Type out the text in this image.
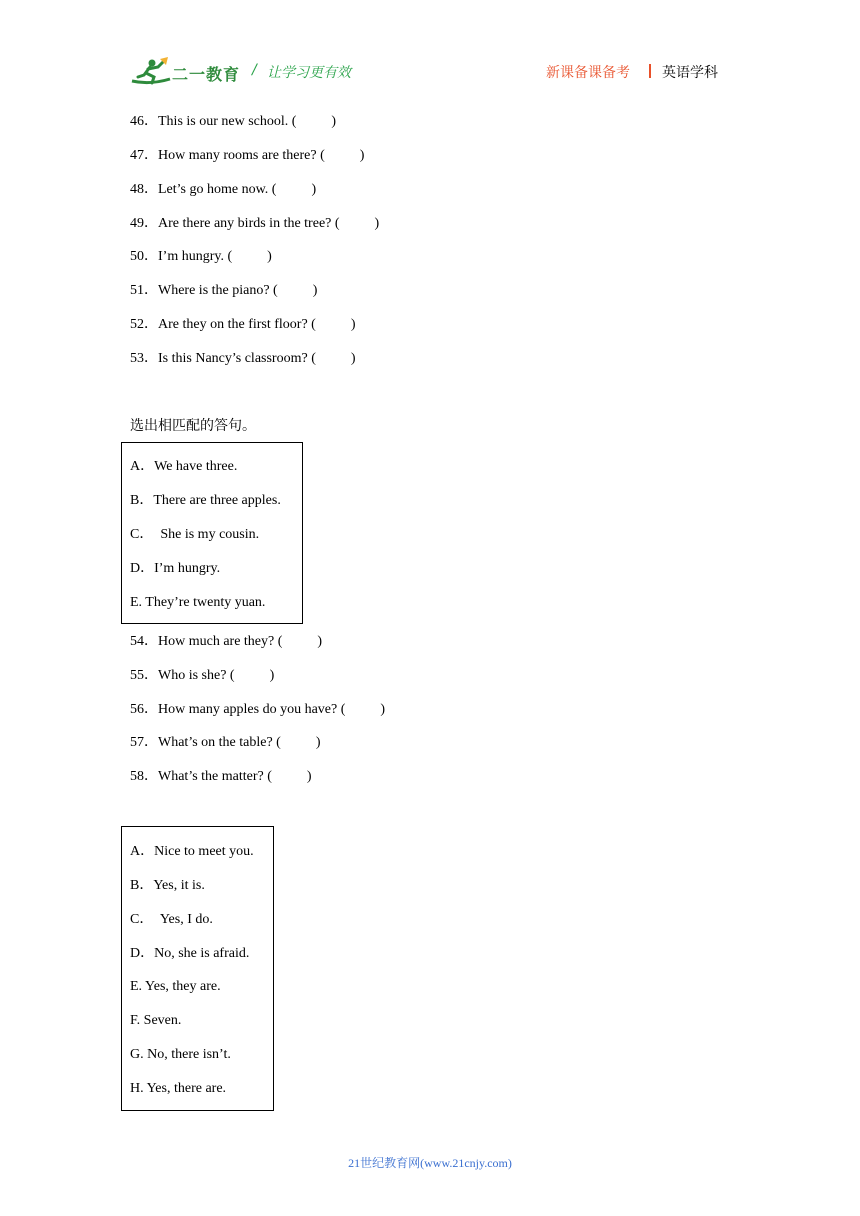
二一教育 / 让学习更有效	新课备课备考 英语学科
46．This is our new school. (          )
47．How many rooms are there? (          )
48．Let’s go home now. (          )
49．Are there any birds in the tree? (          )
50．I’m hungry. (          )
51．Where is the piano? (          )
52．Are they on the first floor? (          )
53．Is this Nancy’s classroom? (          )
选出相匹配的答句。
A．We have three.
B．There are three apples.
C．  She is my cousin.
D．I’m hungry.
E. They’re twenty yuan.
54．How much are they? (          )
55．Who is she? (          )
56．How many apples do you have? (          )
57．What’s on the table? (          )
58．What’s the matter? (          )
A．Nice to meet you.
B．Yes, it is.
C．  Yes, I do.
D．No, she is afraid.
E. Yes, they are.
F. Seven.
G. No, there isn’t.
H. Yes, there are.
21世纪教育网(www.21cnjy.com)
